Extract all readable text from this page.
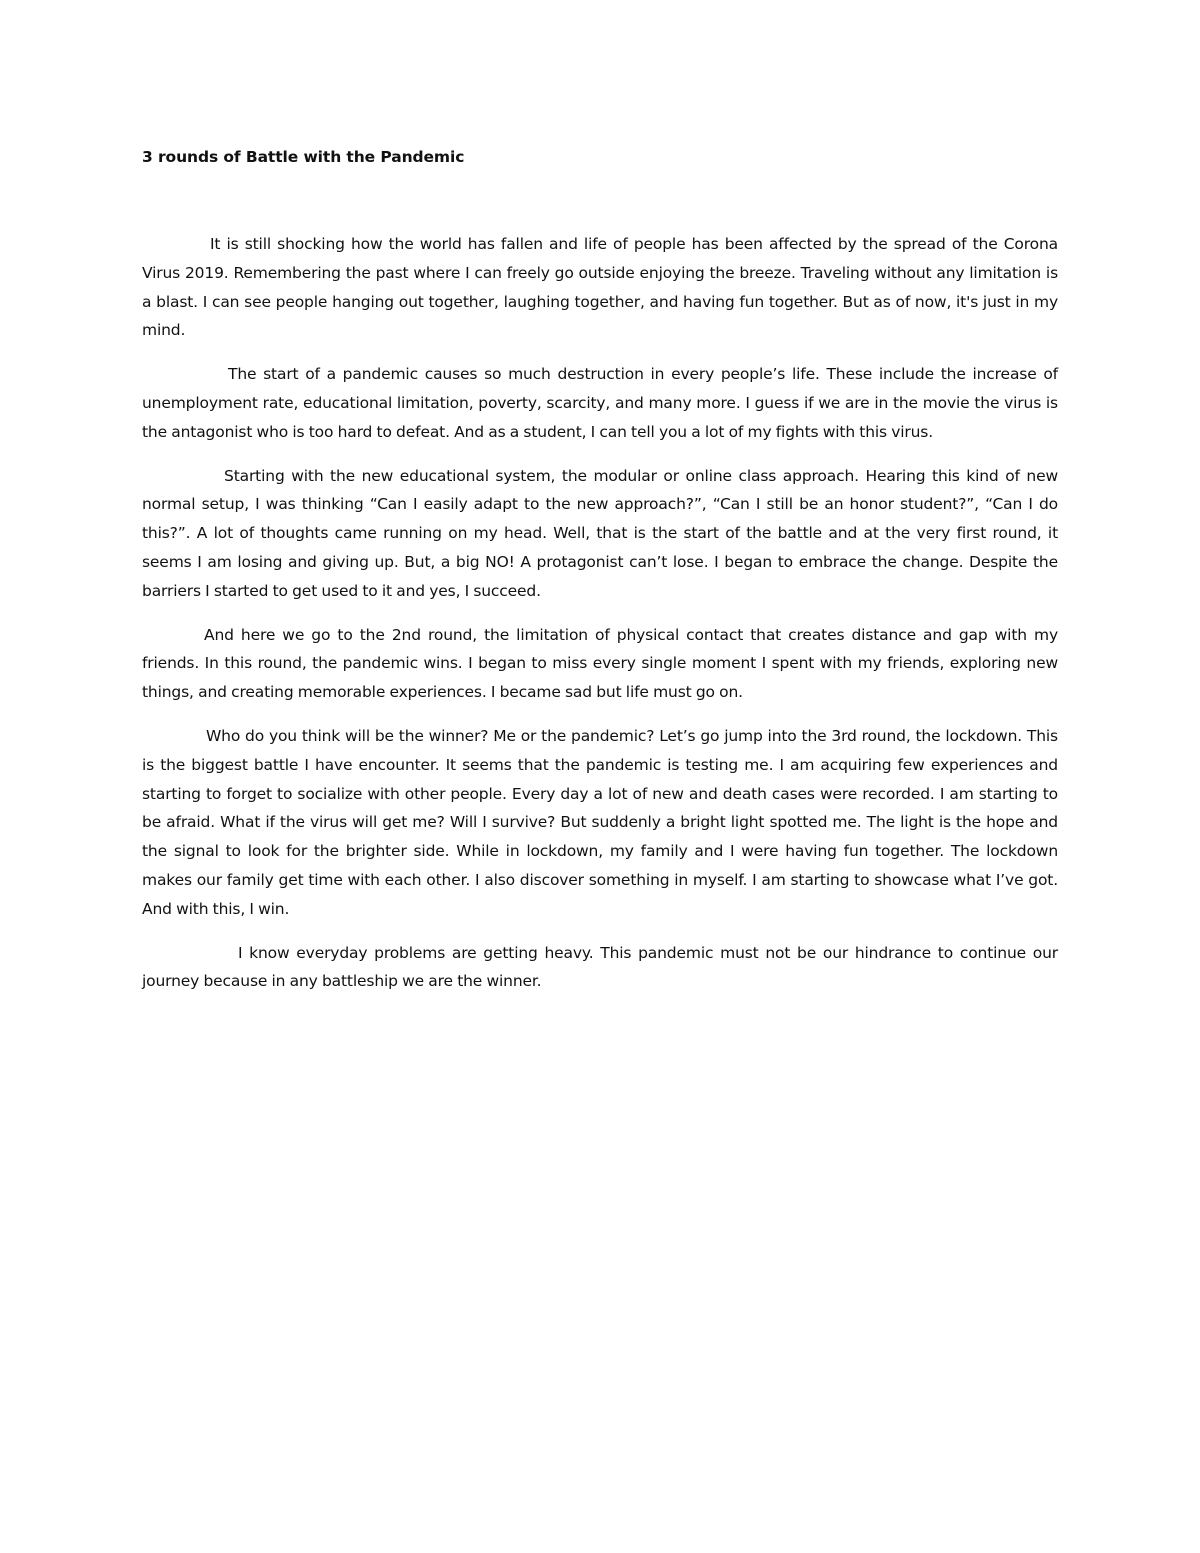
3 rounds of Battle with the Pandemic

It is still shocking how the world has fallen and life of people has been affected by the spread of the Corona Virus 2019. Remembering the past where I can freely go outside enjoying the breeze. Traveling without any limitation is a blast. I can see people hanging out together, laughing together, and having fun together. But as of now, it's just in my mind.

The start of a pandemic causes so much destruction in every people’s life. These include the increase of unemployment rate, educational limitation, poverty, scarcity, and many more. I guess if we are in the movie the virus is the antagonist who is too hard to defeat. And as a student, I can tell you a lot of my fights with this virus.

Starting with the new educational system, the modular or online class approach. Hearing this kind of new normal setup, I was thinking “Can I easily adapt to the new approach?”, “Can I still be an honor student?”, “Can I do this?”. A lot of thoughts came running on my head. Well, that is the start of the battle and at the very first round, it seems I am losing and giving up. But, a big NO! A protagonist can’t lose. I began to embrace the change. Despite the barriers I started to get used to it and yes, I succeed.

And here we go to the 2nd round, the limitation of physical contact that creates distance and gap with my friends. In this round, the pandemic wins. I began to miss every single moment I spent with my friends, exploring new things, and creating memorable experiences. I became sad but life must go on.

Who do you think will be the winner? Me or the pandemic? Let’s go jump into the 3rd round, the lockdown. This is the biggest battle I have encounter. It seems that the pandemic is testing me. I am acquiring few experiences and starting to forget to socialize with other people. Every day a lot of new and death cases were recorded. I am starting to be afraid. What if the virus will get me? Will I survive? But suddenly a bright light spotted me. The light is the hope and the signal to look for the brighter side. While in lockdown, my family and I were having fun together. The lockdown makes our family get time with each other. I also discover something in myself. I am starting to showcase what I’ve got. And with this, I win.

I know everyday problems are getting heavy. This pandemic must not be our hindrance to continue our journey because in any battleship we are the winner.
